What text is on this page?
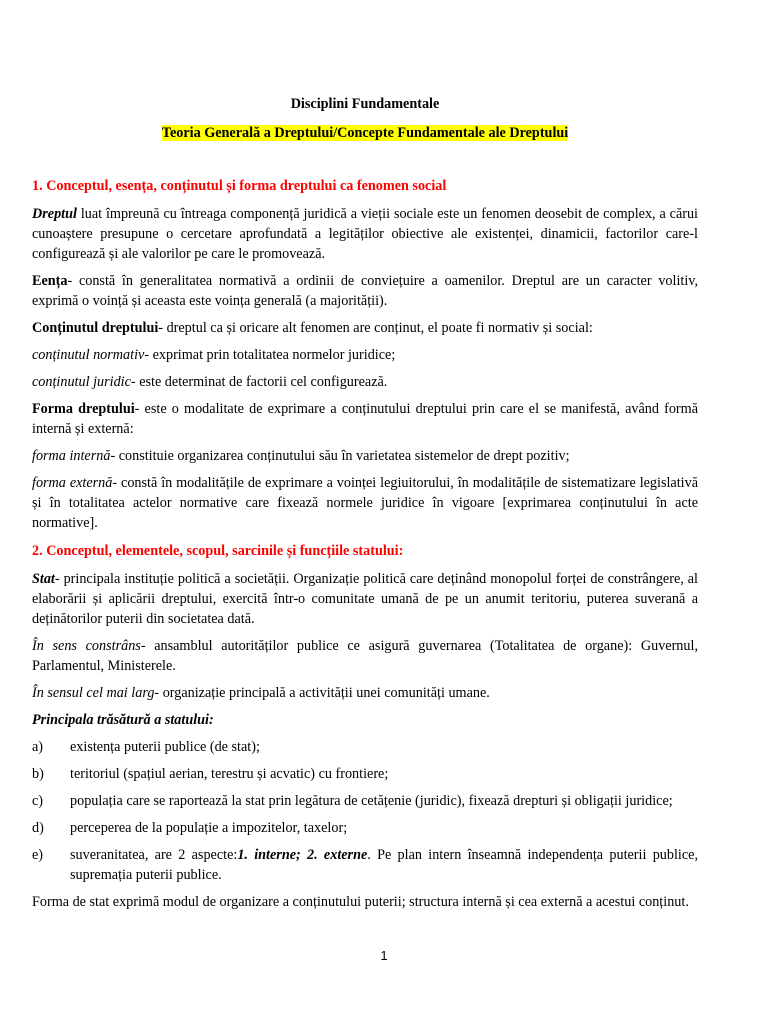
Disciplini Fundamentale
Teoria Generală a Dreptului/Concepte Fundamentale ale Dreptului
1. Conceptul, esența, conținutul și forma dreptului ca fenomen social

Dreptul luat împreună cu întreaga componență juridică a vieții sociale este un fenomen deosebit de complex, a cărui cunoaștere presupune o cercetare aprofundată a legităților obiective ale existenței, dinamicii, factorilor care-l configurează și ale valorilor pe care le promovează.

Eența- constă în generalitatea normativă a ordinii de conviețuire a oamenilor. Dreptul are un caracter volitiv, exprimă o voință și aceasta este voința generală (a majorității).

Conținutul dreptului- dreptul ca și oricare alt fenomen are conținut, el poate fi normativ și social:

conținutul normativ- exprimat prin totalitatea normelor juridice;

conținutul juridic- este determinat de factorii cel configurează.

Forma dreptului- este o modalitate de exprimare a conținutului dreptului prin care el se manifestă, având formă internă și externă:

forma internă- constituie organizarea conținutului său în varietatea sistemelor de drept pozitiv;

forma externă- constă în modalitățile de exprimare a voinței legiuitorului, în modalitățile de sistematizare legislativă și în totalitatea actelor normative care fixează normele juridice în vigoare [exprimarea conținutului în acte normative].

2. Conceptul, elementele, scopul, sarcinile și funcțiile statului:

Stat- principala instituție politică a societății. Organizație politică care deținând monopolul forței de constrângere, al elaborării și aplicării dreptului, exercită într-o comunitate umană de pe un anumit teritoriu, puterea suverană a deținătorilor puterii din societatea dată.

În sens constrâns- ansamblul autorităților publice ce asigură guvernarea (Totalitatea de organe): Guvernul, Parlamentul, Ministerele.

În sensul cel mai larg- organizație principală a activității unei comunități umane.

Principala trăsătură a statului:

a)	existența puterii publice (de stat);
b)	teritoriul (spațiul aerian, terestru și acvatic) cu frontiere;
c)	populația care se raportează la stat prin legătura de cetățenie (juridic), fixează drepturi și obligații juridice;
d)	perceperea de la populație a impozitelor, taxelor;
e)	suveranitatea, are 2 aspecte:1. interne; 2. externe. Pe plan intern înseamnă independența puterii publice, supremația puterii publice.

Forma de stat exprimă modul de organizare a conținutului puterii; structura internă și cea externă a acestui conținut.

1
